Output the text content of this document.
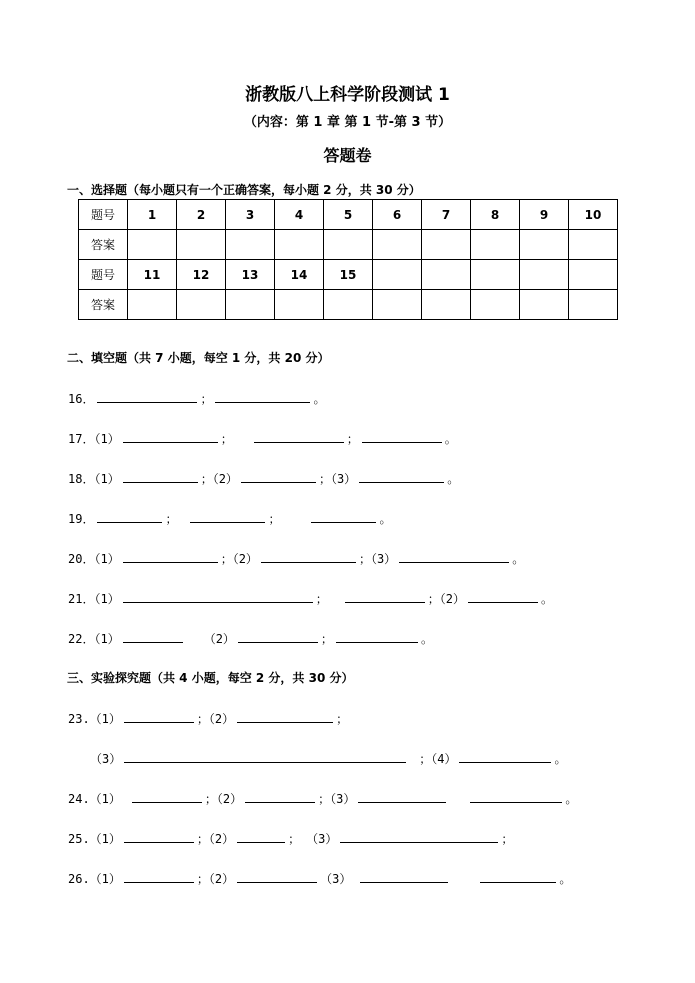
浙教版八上科学阶段测试 1
（内容：第 1 章 第 1 节-第 3 节）
答题卷
一、选择题（每小题只有一个正确答案，每小题 2 分，共 30 分）
题号	1	2	3	4	5	6	7	8	9	10
答案										
题号	11	12	13	14	15					
答案										
二、填空题（共 7 小题，每空 1 分，共 20 分）
16．	；	。
17．（1）	；	；	。
18．（1）	；（2）	；（3）	。
19．	；	；	。
20．（1）	；（2）	；（3）	。
21．（1）	；	；（2）	。
22．（1）	（2）	；	。
三、实验探究题（共 4 小题，每空 2 分，共 30 分）
23.（1）	；（2）	；
（3）	；（4）	。
24.（1）	；（2）	；（3）	。
25.（1）	；（2）	； （3）	；
26.（1）	；（2）	（3）	。
